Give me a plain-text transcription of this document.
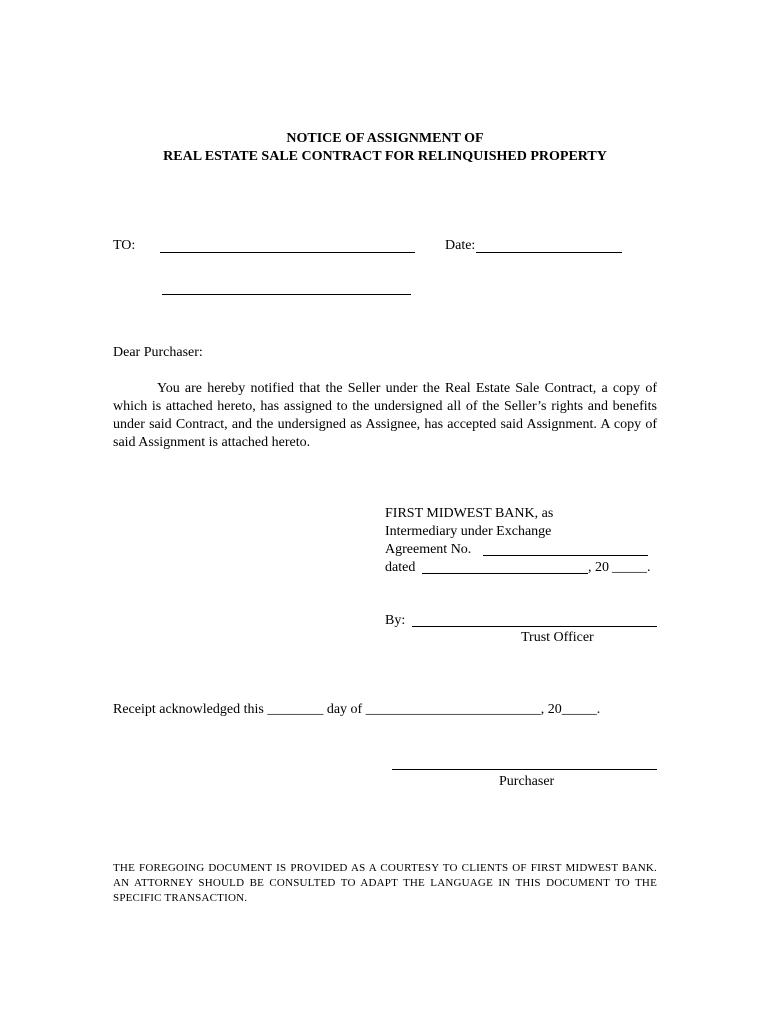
NOTICE OF ASSIGNMENT OF
REAL ESTATE SALE CONTRACT FOR RELINQUISHED PROPERTY
TO:	Date:
Dear Purchaser:
You are hereby notified that the Seller under the Real Estate Sale Contract, a copy of which is attached hereto, has assigned to the undersigned all of the Seller’s rights and benefits under said Contract, and the undersigned as Assignee, has accepted said Assignment. A copy of said Assignment is attached hereto.
FIRST MIDWEST BANK, as
Intermediary under Exchange
Agreement No.
dated	, 20 _____.
By:
Trust Officer
Receipt acknowledged this ________ day of _________________________, 20_____.
Purchaser
THE FOREGOING DOCUMENT IS PROVIDED AS A COURTESY TO CLIENTS OF FIRST MIDWEST BANK. AN ATTORNEY SHOULD BE CONSULTED TO ADAPT THE LANGUAGE IN THIS DOCUMENT TO THE SPECIFIC TRANSACTION.
